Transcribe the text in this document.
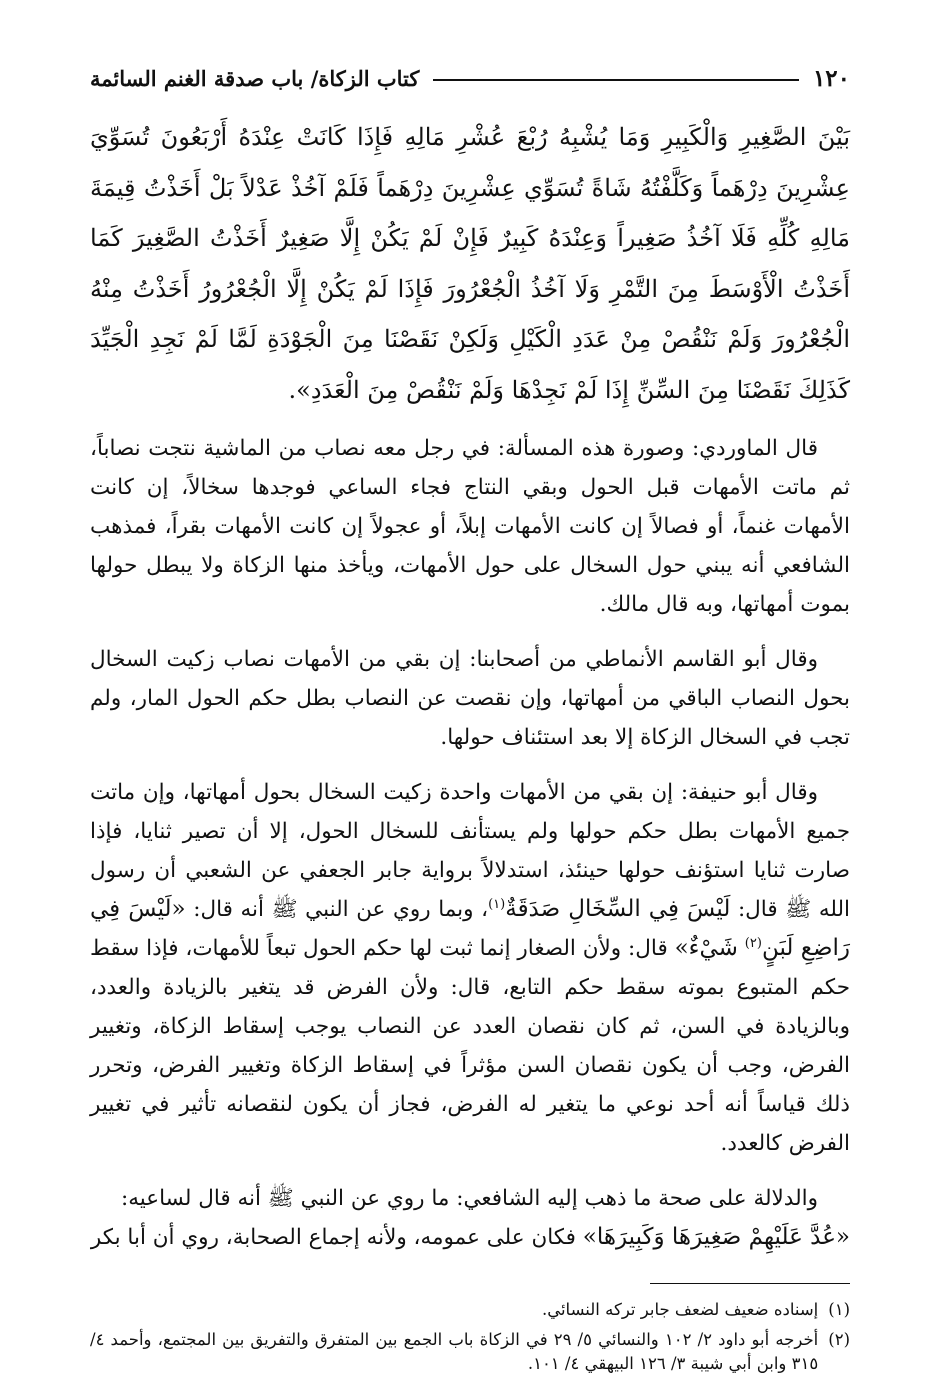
١٢٠
كتاب الزكاة/ باب صدقة الغنم السائمة
بَيْنَ الصَّغِيرِ وَالْكَبِيرِ وَمَا يُشْبِهُ رُبْعَ عُشْرِ مَالِهِ فَإِذَا كَانَتْ عِنْدَهُ أَرْبَعُونَ تُسَوِّيَ عِشْرِينَ دِرْهَماً وَكَلَّفْتُهُ شَاةً تُسَوِّي عِشْرِينَ دِرْهَماً فَلَمْ آخُذْ عَدْلاً بَلْ أَخَذْتُ قِيمَةَ مَالِهِ كُلِّهِ فَلَا آخُذُ صَغِيراً وَعِنْدَهُ كَبِيرٌ فَإِنْ لَمْ يَكُنْ إِلَّا صَغِيرٌ أَخَذْتُ الصَّغِيرَ كَمَا أَخَذْتُ الْأَوْسَطَ مِنَ التَّمْرِ وَلَا آخُذُ الْجُعْرُورَ فَإِذَا لَمْ يَكُنْ إِلَّا الْجُعْرُورُ أَخَذْتُ مِنْهُ الْجُعْرُورَ وَلَمْ نَنْقُصْ مِنْ عَدَدِ الْكَيْلِ وَلَكِنْ نَقَصْنَا مِنَ الْجَوْدَةِ لَمَّا لَمْ نَجِدِ الْجَيِّدَ كَذَلِكَ نَقَصْنَا مِنَ السِّنِّ إِذَا لَمْ نَجِدْهَا وَلَمْ نَنْقُصْ مِنَ الْعَدَدِ».

قال الماوردي: وصورة هذه المسألة: في رجل معه نصاب من الماشية نتجت نصاباً، ثم ماتت الأمهات قبل الحول وبقي النتاج فجاء الساعي فوجدها سخالاً، إن كانت الأمهات غنماً، أو فصالاً إن كانت الأمهات إبلاً، أو عجولاً إن كانت الأمهات بقراً، فمذهب الشافعي أنه يبني حول السخال على حول الأمهات، ويأخذ منها الزكاة ولا يبطل حولها بموت أمهاتها، وبه قال مالك.

وقال أبو القاسم الأنماطي من أصحابنا: إن بقي من الأمهات نصاب زكيت السخال بحول النصاب الباقي من أمهاتها، وإن نقصت عن النصاب بطل حكم الحول المار، ولم تجب في السخال الزكاة إلا بعد استئناف حولها.

وقال أبو حنيفة: إن بقي من الأمهات واحدة زكيت السخال بحول أمهاتها، وإن ماتت جميع الأمهات بطل حكم حولها ولم يستأنف للسخال الحول، إلا أن تصير ثنايا، فإذا صارت ثنايا استؤنف حولها حينئذ، استدلالاً برواية جابر الجعفي عن الشعبي أن رسول الله ﷺ قال: لَيْسَ فِي السِّخَالِ صَدَقَةٌ$^{(١)}$، وبما روي عن النبي ﷺ أنه قال: «لَيْسَ فِي رَاضِعِ لَبَنٍ$^{(٢)}$ شَيْءٌ» قال: ولأن الصغار إنما ثبت لها حكم الحول تبعاً للأمهات، فإذا سقط حكم المتبوع بموته سقط حكم التابع، قال: ولأن الفرض قد يتغير بالزيادة والعدد، وبالزيادة في السن، ثم كان نقصان العدد عن النصاب يوجب إسقاط الزكاة، وتغيير الفرض، وجب أن يكون نقصان السن مؤثراً في إسقاط الزكاة وتغيير الفرض، وتحرر ذلك قياساً أنه أحد نوعي ما يتغير له الفرض، فجاز أن يكون لنقصانه تأثير في تغيير الفرض كالعدد.

والدلالة على صحة ما ذهب إليه الشافعي: ما روي عن النبي ﷺ أنه قال لساعيه:
«عُدَّ عَلَيْهِمْ صَغِيرَهَا وَكَبِيرَهَا» فكان على عمومه، ولأنه إجماع الصحابة، روي أن أبا بكر

(١)
إسناده ضعيف لضعف جابر تركه النسائي.
(٢)
أخرجه أبو داود ٢/ ١٠٢ والنسائي ٥/ ٢٩ في الزكاة باب الجمع بين المتفرق والتفريق بين المجتمع، وأحمد ٤/ ٣١٥ وابن أبي شيبة ٣/ ١٢٦ البيهقي ٤/ ١٠١.
